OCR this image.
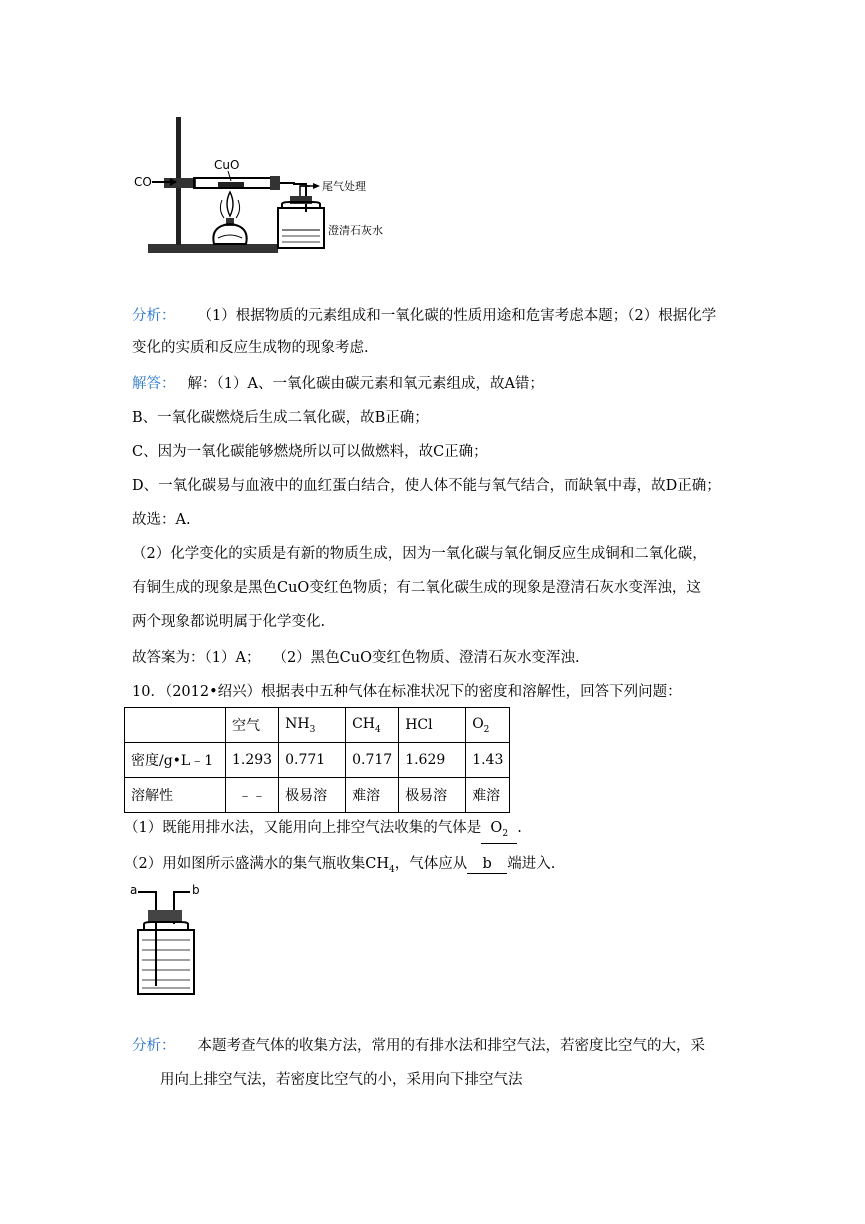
CO
CuO
尾气处理
澄清石灰水
分析： （1）根据物质的元素组成和一氧化碳的性质用途和危害考虑本题；（2）根据化学
变化的实质和反应生成物的现象考虑.
解答： 解：（1）A、一氧化碳由碳元素和氧元素组成，故A错；
B、一氧化碳燃烧后生成二氧化碳，故B正确；
C、因为一氧化碳能够燃烧所以可以做燃料，故C正确；
D、一氧化碳易与血液中的血红蛋白结合，使人体不能与氧气结合，而缺氧中毒，故D正确；
故选：A.
（2）化学变化的实质是有新的物质生成，因为一氧化碳与氧化铜反应生成铜和二氧化碳，
有铜生成的现象是黑色CuO变红色物质；有二氧化碳生成的现象是澄清石灰水变浑浊，这
两个现象都说明属于化学变化.
故答案为：（1）A； （2）黑色CuO变红色物质、澄清石灰水变浑浊.
10．（2012•绍兴）根据表中五种气体在标准状况下的密度和溶解性，回答下列问题：
	空气	$NH_3$	$CH_4$	HCl	$O_2$
密度/g•L﹣1	1.293	0.771	0.717	1.629	1.43
溶解性	﹣﹣	极易溶	难溶	极易溶	难溶
（1）既能用排水法，又能用向上排空气法收集的气体是 $O_2$ .
（2）用如图所示盛满水的集气瓶收集$CH_4$，气体应从 b 端进入.
a	b
分析： 本题考查气体的收集方法，常用的有排水法和排空气法，若密度比空气的大，采
用向上排空气法，若密度比空气的小，采用向下排空气法
